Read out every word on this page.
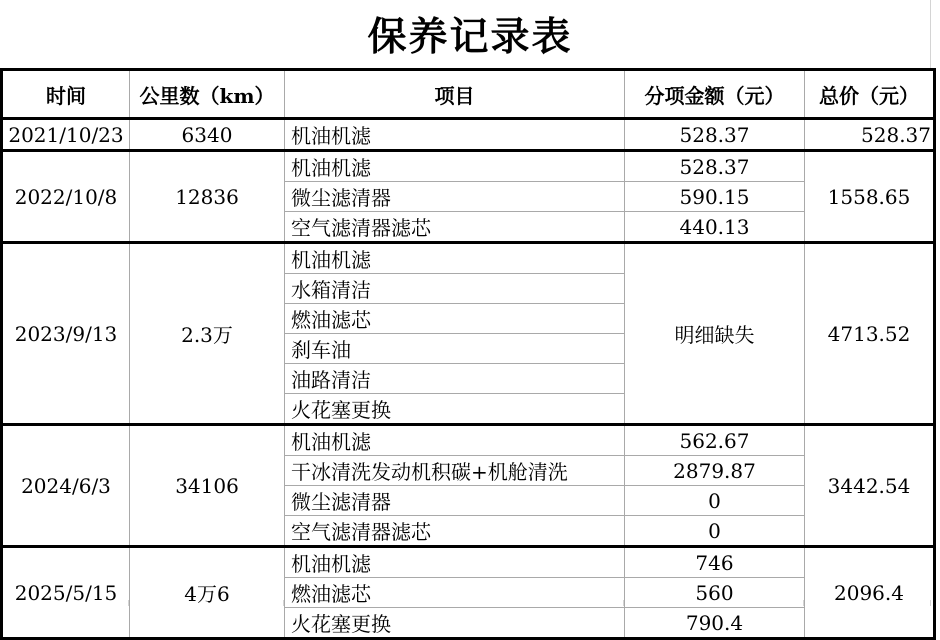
保养记录表
时间	公里数（km）	项目	分项金额（元）	总价（元）
2021/10/23	6340	机油机滤	528.37	528.37
2022/10/8	12836	机油机滤	528.37	1558.65
		微尘滤清器	590.15	
		空气滤清器滤芯	440.13	
2023/9/13	2.3万	机油机滤	明细缺失	4713.52
		水箱清洁		
		燃油滤芯		
		刹车油		
		油路清洁		
		火花塞更换		
2024/6/3	34106	机油机滤	562.67	3442.54
		干冰清洗发动机积碳+机舱清洗	2879.87	
		微尘滤清器	0	
		空气滤清器滤芯	0	
2025/5/15	4万6	机油机滤	746	2096.4
		燃油滤芯	560	
		火花塞更换	790.4	
